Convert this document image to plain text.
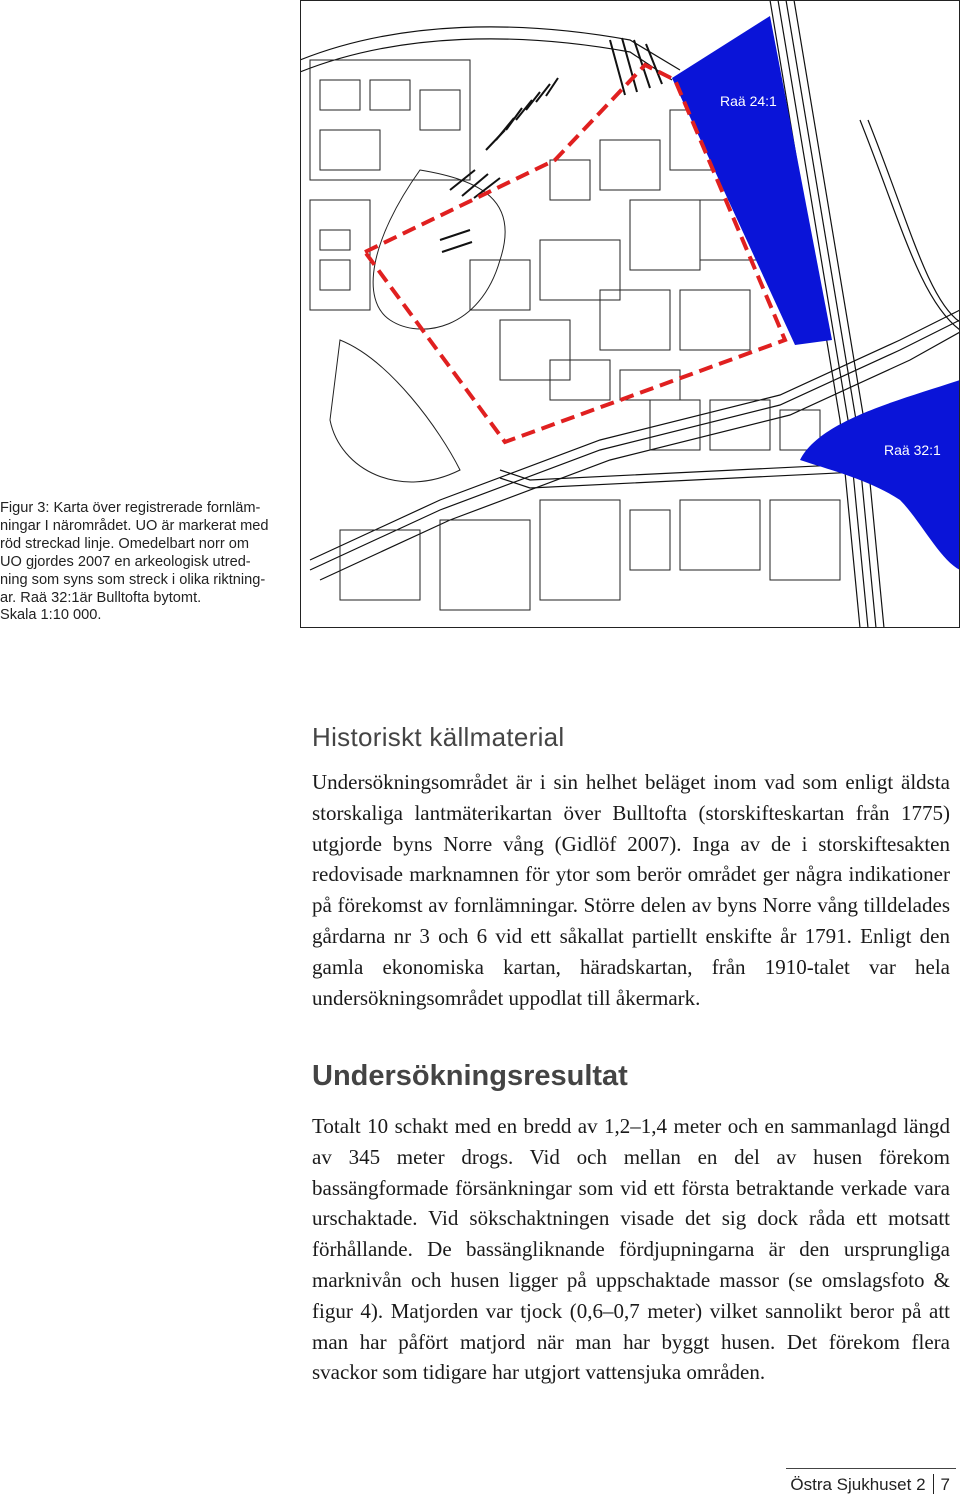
Figur 3: Karta över registrerade fornläm-
ningar I närområdet. UO är markerat med
röd streckad linje. Omedelbart norr om
UO gjordes 2007 en arkeologisk utred-
ning som syns som streck i olika riktning-
ar. Raä 32:1är Bulltofta bytomt.
Skala 1:10 000.
Raä 24:1
Raä 32:1
Historiskt källmaterial

Undersökningsområdet är i sin helhet beläget inom vad som enligt äldsta storskaliga lantmäterikartan över Bulltofta (storskifteskartan från 1775) utgjorde byns Norre vång (Gidlöf 2007). Inga av de i storskiftesakten redovisade marknamnen för ytor som berör området ger några indikationer på förekomst av fornlämningar. Större delen av byns Norre vång tilldelades gårdarna nr 3 och 6 vid ett såkallat partiellt enskifte år 1791. Enligt den gamla ekonomiska kartan, häradskartan, från 1910-talet var hela undersökningsområdet uppodlat till åkermark.

Undersökningsresultat

Totalt 10 schakt med en bredd av 1,2–1,4 meter och en sammanlagd längd av 345 meter drogs. Vid och mellan en del av husen förekom bassängformade försänkningar som vid ett första betraktande verkade vara urschaktade. Vid sökschaktningen visade det sig dock råda ett motsatt förhållande. De bassängliknande fördjupningarna är den ursprungliga marknivån och husen ligger på uppschaktade massor (se omslagsfoto & figur 4). Matjorden var tjock (0,6–0,7 meter) vilket sannolikt beror på att man har påfört matjord när man har byggt husen. Det förekom flera svackor som tidigare har utgjort vattensjuka områden.

Östra Sjukhuset 2 7
